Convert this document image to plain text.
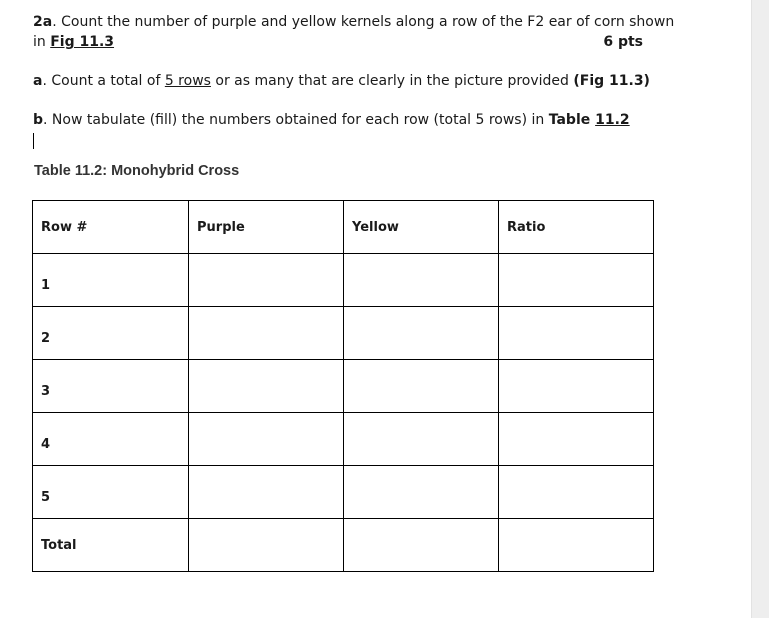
2a. Count the number of purple and yellow kernels along a row of the F2 ear of corn shown
in Fig 11.3	6 pts
a. Count a total of 5 rows or as many that are clearly in the picture provided (Fig 11.3)
b. Now tabulate (fill) the numbers obtained for each row (total 5 rows) in Table 11.2
Table 11.2: Monohybrid Cross
Row #	Purple	Yellow	Ratio
1			
2			
3			
4			
5			
Total			
